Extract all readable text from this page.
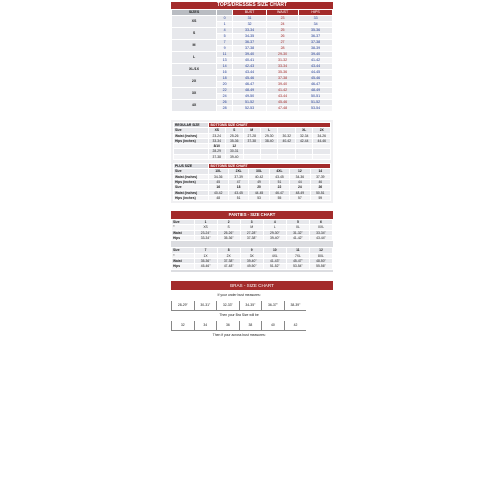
TOPS/DRESSES SIZE CHART
SIZES		BUST	WAIST	HIPS
XS	0	31	23	33
	1	32	24	34
S	4	33-34	25	35-36
	5	34-35	26	36-37
M	7	36-37	27	37-38
	9	37-38	28	38-39
L	11	39-40	29-30	39-40
	13	40-41	31-32	41-42
XL/1X	14	42-43	33-34	43-44
	16	43-44	35-36	44-45
2X	18	45-46	37-38	45-46
	20	46-47	39-40	46-47
3X	22	48-49	41-42	48-49
	24	49-50	43-44	50-51
4X	26	51-52	45-46	51-52
	28	52-53	47-48	53-54
REGULAR SIZE	BOTTOMS SIZE CHART						
Size	XS	S	M	L		XL	2X
Waist (inches)	23-24	25-26	27-28	29-30	30-32	32-34	34-26
Hips (inches)	33-34	35-36	37-38	38-40	40-42	42-44	44-46
	8/10	12					
	28-29	30-31					
	37-38	39-40					
PLUS SIZE	BOTTOMS SIZE CHART					
Size	1XL	2XL	3XL	4XL	12	14
Waist (inches)	34-36	37-39	40-42	43-45	34-36	37-39
Hips (inches)	45	47	49	51	44	46
Size	16	18	20	22	24	26
Waist (inches)	40-42	43-45	44-45	46-47	48-49	50-51
Hips (inches)	48	51	53	55	57	59
PANTIES - SIZE CHART
Size	1	2	3	4	5	6
"	XS	S	M	L	XL	XXL
Waist	23-24"	25-26"	27-28"	29-30"	31-32"	33-34"
Hips	33-34"	35-36"	37-38"	39-40"	41-42"	43-44"
Size	7	8	9	10	11	12
"	1X	2X	3X	4XL	7XL	8XL
Waist	35-36"	37-38"	39-40"	41-43"	45-47"	48-50"
Hips	45-46"	47-48"	49-50"	51-52"	53-54"	55-56"
BRAS - SIZE CHART
If your under bust measures:						
28-29"	30-31"	32-33"	34-35"	36-37"	38-39"	
Then your Bra Size will be						
32	34	36	38	40	42	
Then if your across bust measures:						
